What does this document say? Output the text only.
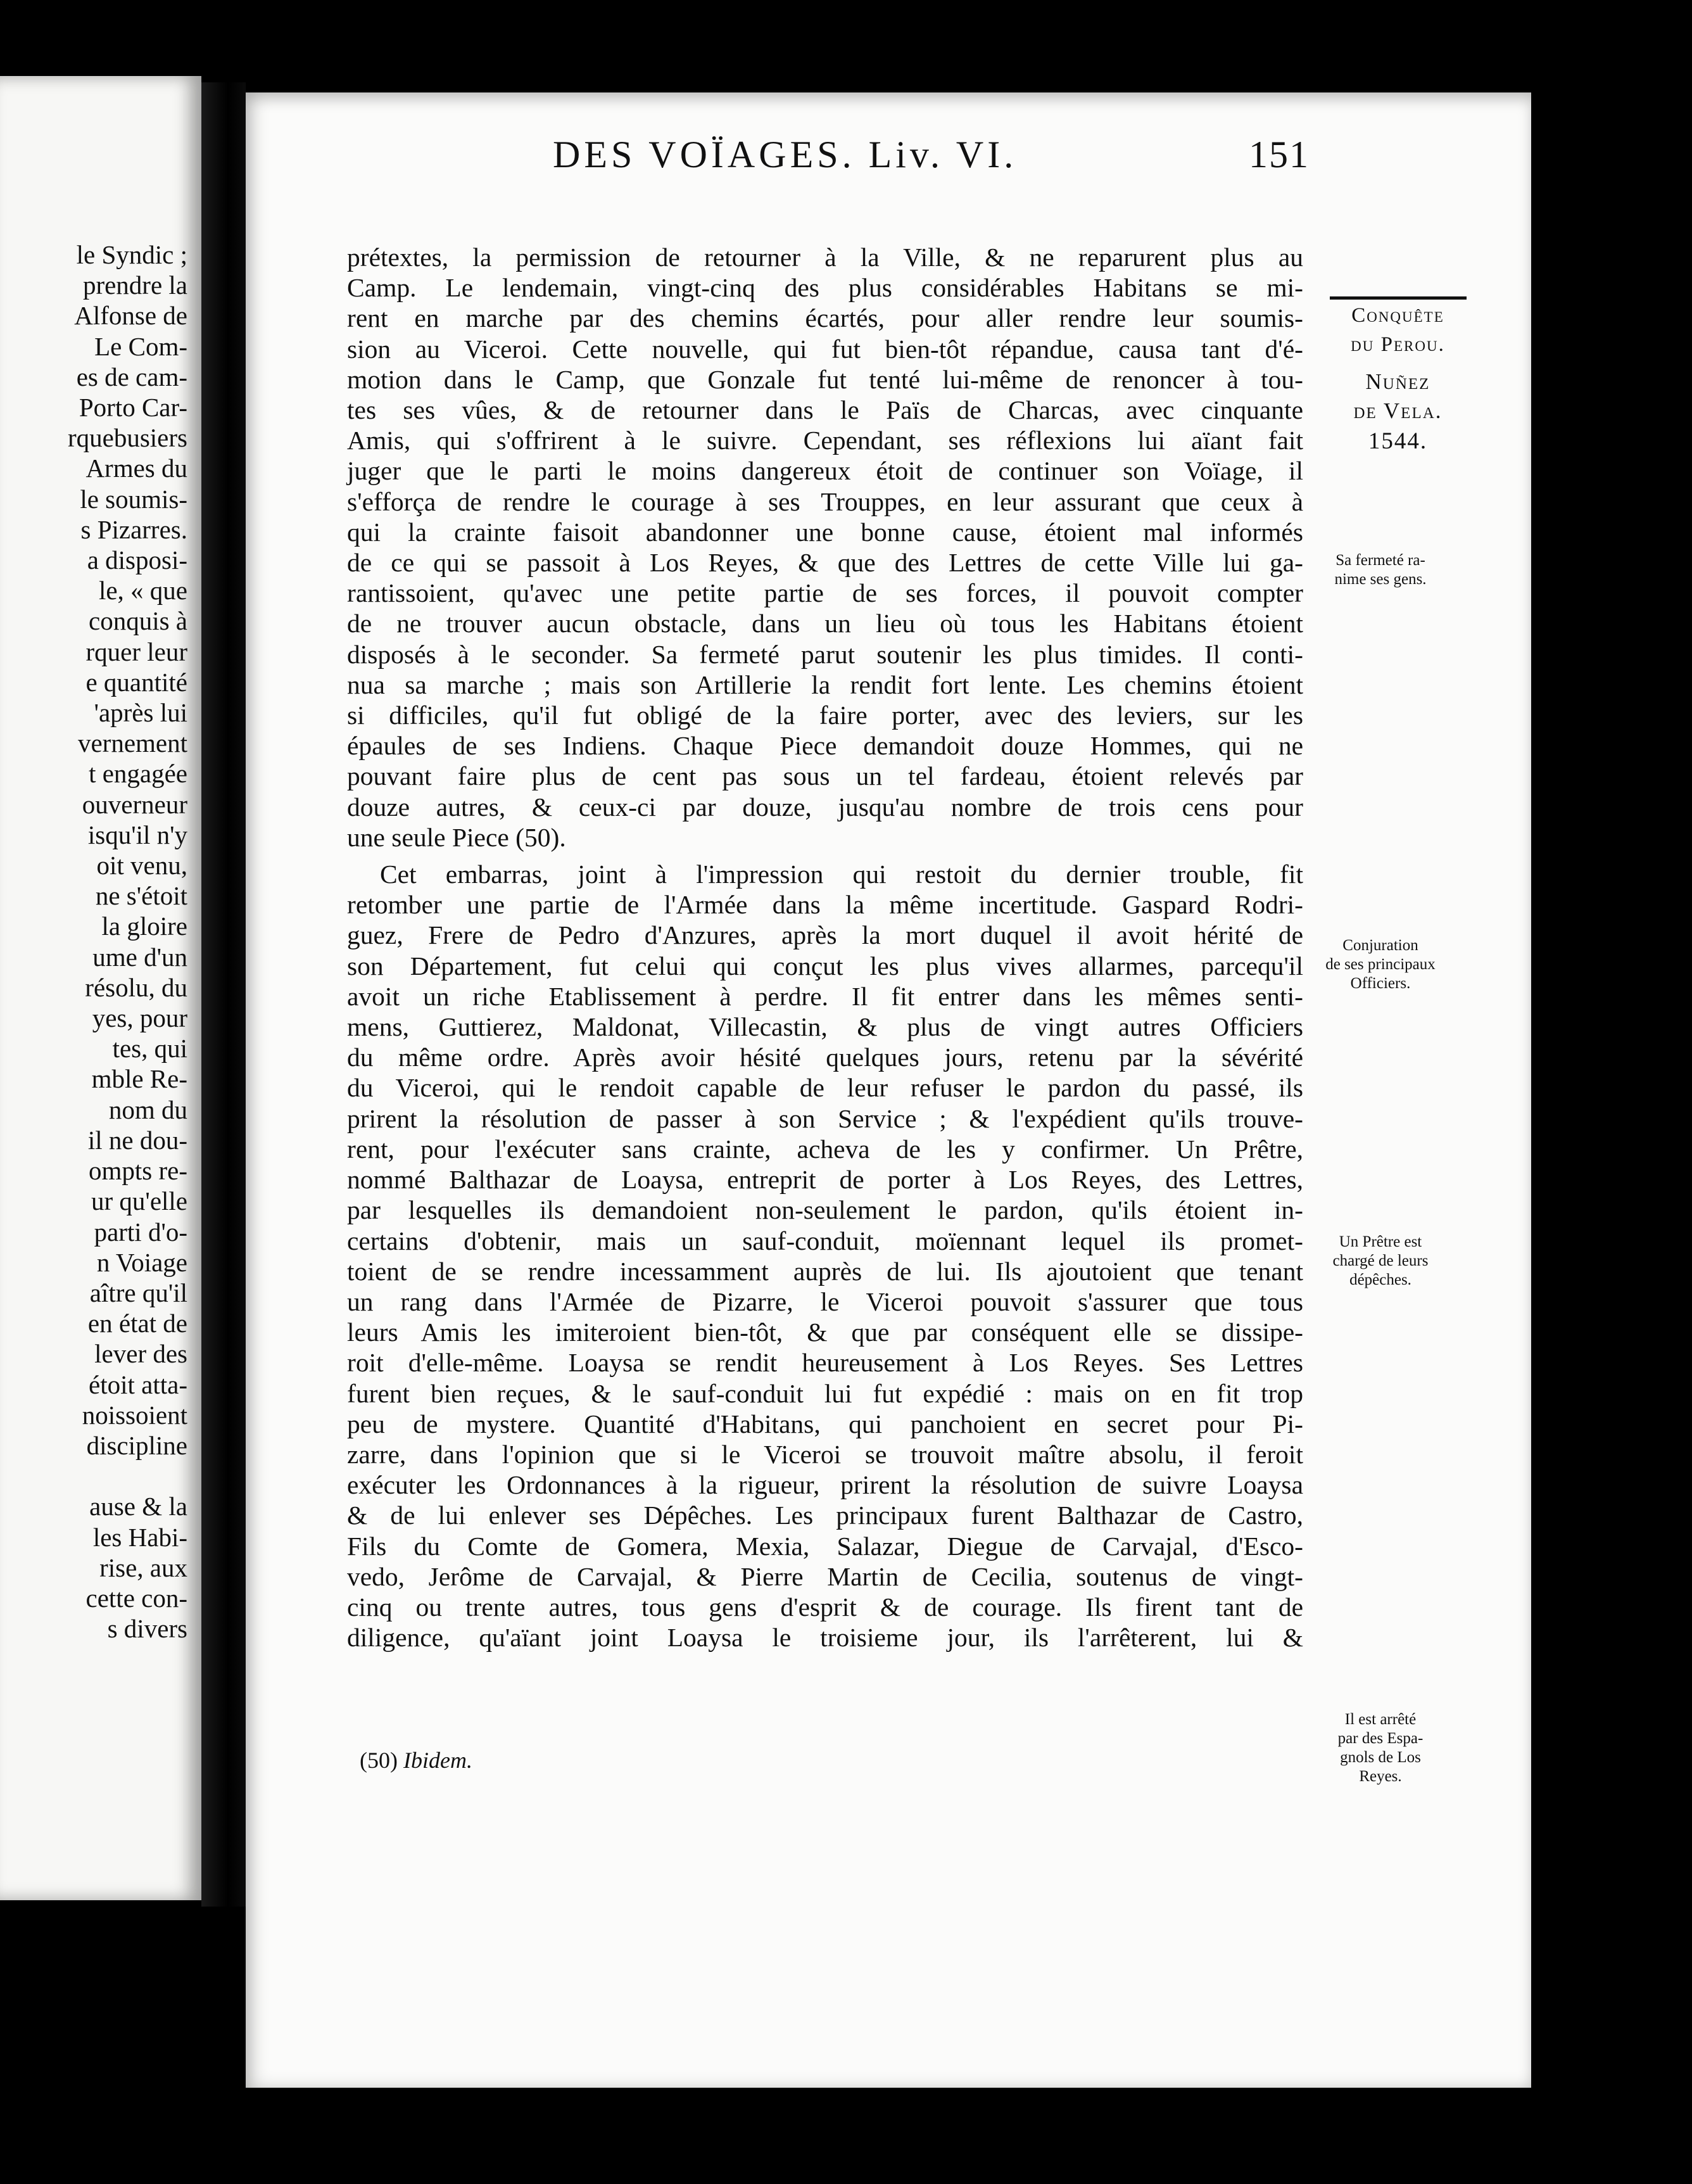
le Syndic ;
prendre la
Alfonse de
Le Com-
es de cam-
Porto Car-
rquebusiers
Armes du
le soumis-
s Pizarres.
a disposi-
le, « que
conquis à
rquer leur
e quantité
'après lui
vernement
t engagée
ouverneur
isqu'il n'y
oit venu,
ne s'étoit
la gloire
ume d'un
résolu, du
yes, pour
tes, qui
mble Re-
nom du
il ne dou-
ompts re-
ur qu'elle
parti d'o-
n Voiage
aître qu'il
en état de
lever des
étoit atta-
noissoient
discipline
ause & la
les Habi-
rise, aux
cette con-
s divers
DES VOÏAGES. Liv. VI.	151
Conquête
du Perou.
Nuñez
de Vela.
1544.
Sa fermeté ra-
nime ses gens.
Conjuration
de ses principaux
Officiers.
Un Prêtre est
chargé de leurs
dépêches.
Il est arrêté
par des Espa-
gnols de Los
Reyes.
prétextes, la permission de retourner à la Ville, & ne reparurent plus au
Camp. Le lendemain, vingt-cinq des plus considérables Habitans se mi-
rent en marche par des chemins écartés, pour aller rendre leur soumis-
sion au Viceroi. Cette nouvelle, qui fut bien-tôt répandue, causa tant d'é-
motion dans le Camp, que Gonzale fut tenté lui-même de renoncer à tou-
tes ses vûes, & de retourner dans le Païs de Charcas, avec cinquante
Amis, qui s'offrirent à le suivre. Cependant, ses réflexions lui aïant fait
juger que le parti le moins dangereux étoit de continuer son Voïage, il
s'efforça de rendre le courage à ses Trouppes, en leur assurant que ceux à
qui la crainte faisoit abandonner une bonne cause, étoient mal informés
de ce qui se passoit à Los Reyes, & que des Lettres de cette Ville lui ga-
rantissoient, qu'avec une petite partie de ses forces, il pouvoit compter
de ne trouver aucun obstacle, dans un lieu où tous les Habitans étoient
disposés à le seconder. Sa fermeté parut soutenir les plus timides. Il conti-
nua sa marche ; mais son Artillerie la rendit fort lente. Les chemins étoient
si difficiles, qu'il fut obligé de la faire porter, avec des leviers, sur les
épaules de ses Indiens. Chaque Piece demandoit douze Hommes, qui ne
pouvant faire plus de cent pas sous un tel fardeau, étoient relevés par
douze autres, & ceux-ci par douze, jusqu'au nombre de trois cens pour
une seule Piece (50).
Cet embarras, joint à l'impression qui restoit du dernier trouble, fit
retomber une partie de l'Armée dans la même incertitude. Gaspard Rodri-
guez, Frere de Pedro d'Anzures, après la mort duquel il avoit hérité de
son Département, fut celui qui conçut les plus vives allarmes, parcequ'il
avoit un riche Etablissement à perdre. Il fit entrer dans les mêmes senti-
mens, Guttierez, Maldonat, Villecastin, & plus de vingt autres Officiers
du même ordre. Après avoir hésité quelques jours, retenu par la sévérité
du Viceroi, qui le rendoit capable de leur refuser le pardon du passé, ils
prirent la résolution de passer à son Service ; & l'expédient qu'ils trouve-
rent, pour l'exécuter sans crainte, acheva de les y confirmer. Un Prêtre,
nommé Balthazar de Loaysa, entreprit de porter à Los Reyes, des Lettres,
par lesquelles ils demandoient non-seulement le pardon, qu'ils étoient in-
certains d'obtenir, mais un sauf-conduit, moïennant lequel ils promet-
toient de se rendre incessamment auprès de lui. Ils ajoutoient que tenant
un rang dans l'Armée de Pizarre, le Viceroi pouvoit s'assurer que tous
leurs Amis les imiteroient bien-tôt, & que par conséquent elle se dissipe-
roit d'elle-même. Loaysa se rendit heureusement à Los Reyes. Ses Lettres
furent bien reçues, & le sauf-conduit lui fut expédié : mais on en fit trop
peu de mystere. Quantité d'Habitans, qui panchoient en secret pour Pi-
zarre, dans l'opinion que si le Viceroi se trouvoit maître absolu, il feroit
exécuter les Ordonnances à la rigueur, prirent la résolution de suivre Loaysa
& de lui enlever ses Dépêches. Les principaux furent Balthazar de Castro,
Fils du Comte de Gomera, Mexia, Salazar, Diegue de Carvajal, d'Esco-
vedo, Jerôme de Carvajal, & Pierre Martin de Cecilia, soutenus de vingt-
cinq ou trente autres, tous gens d'esprit & de courage. Ils firent tant de
diligence, qu'aïant joint Loaysa le troisieme jour, ils l'arrêterent, lui &
(50) Ibidem.
